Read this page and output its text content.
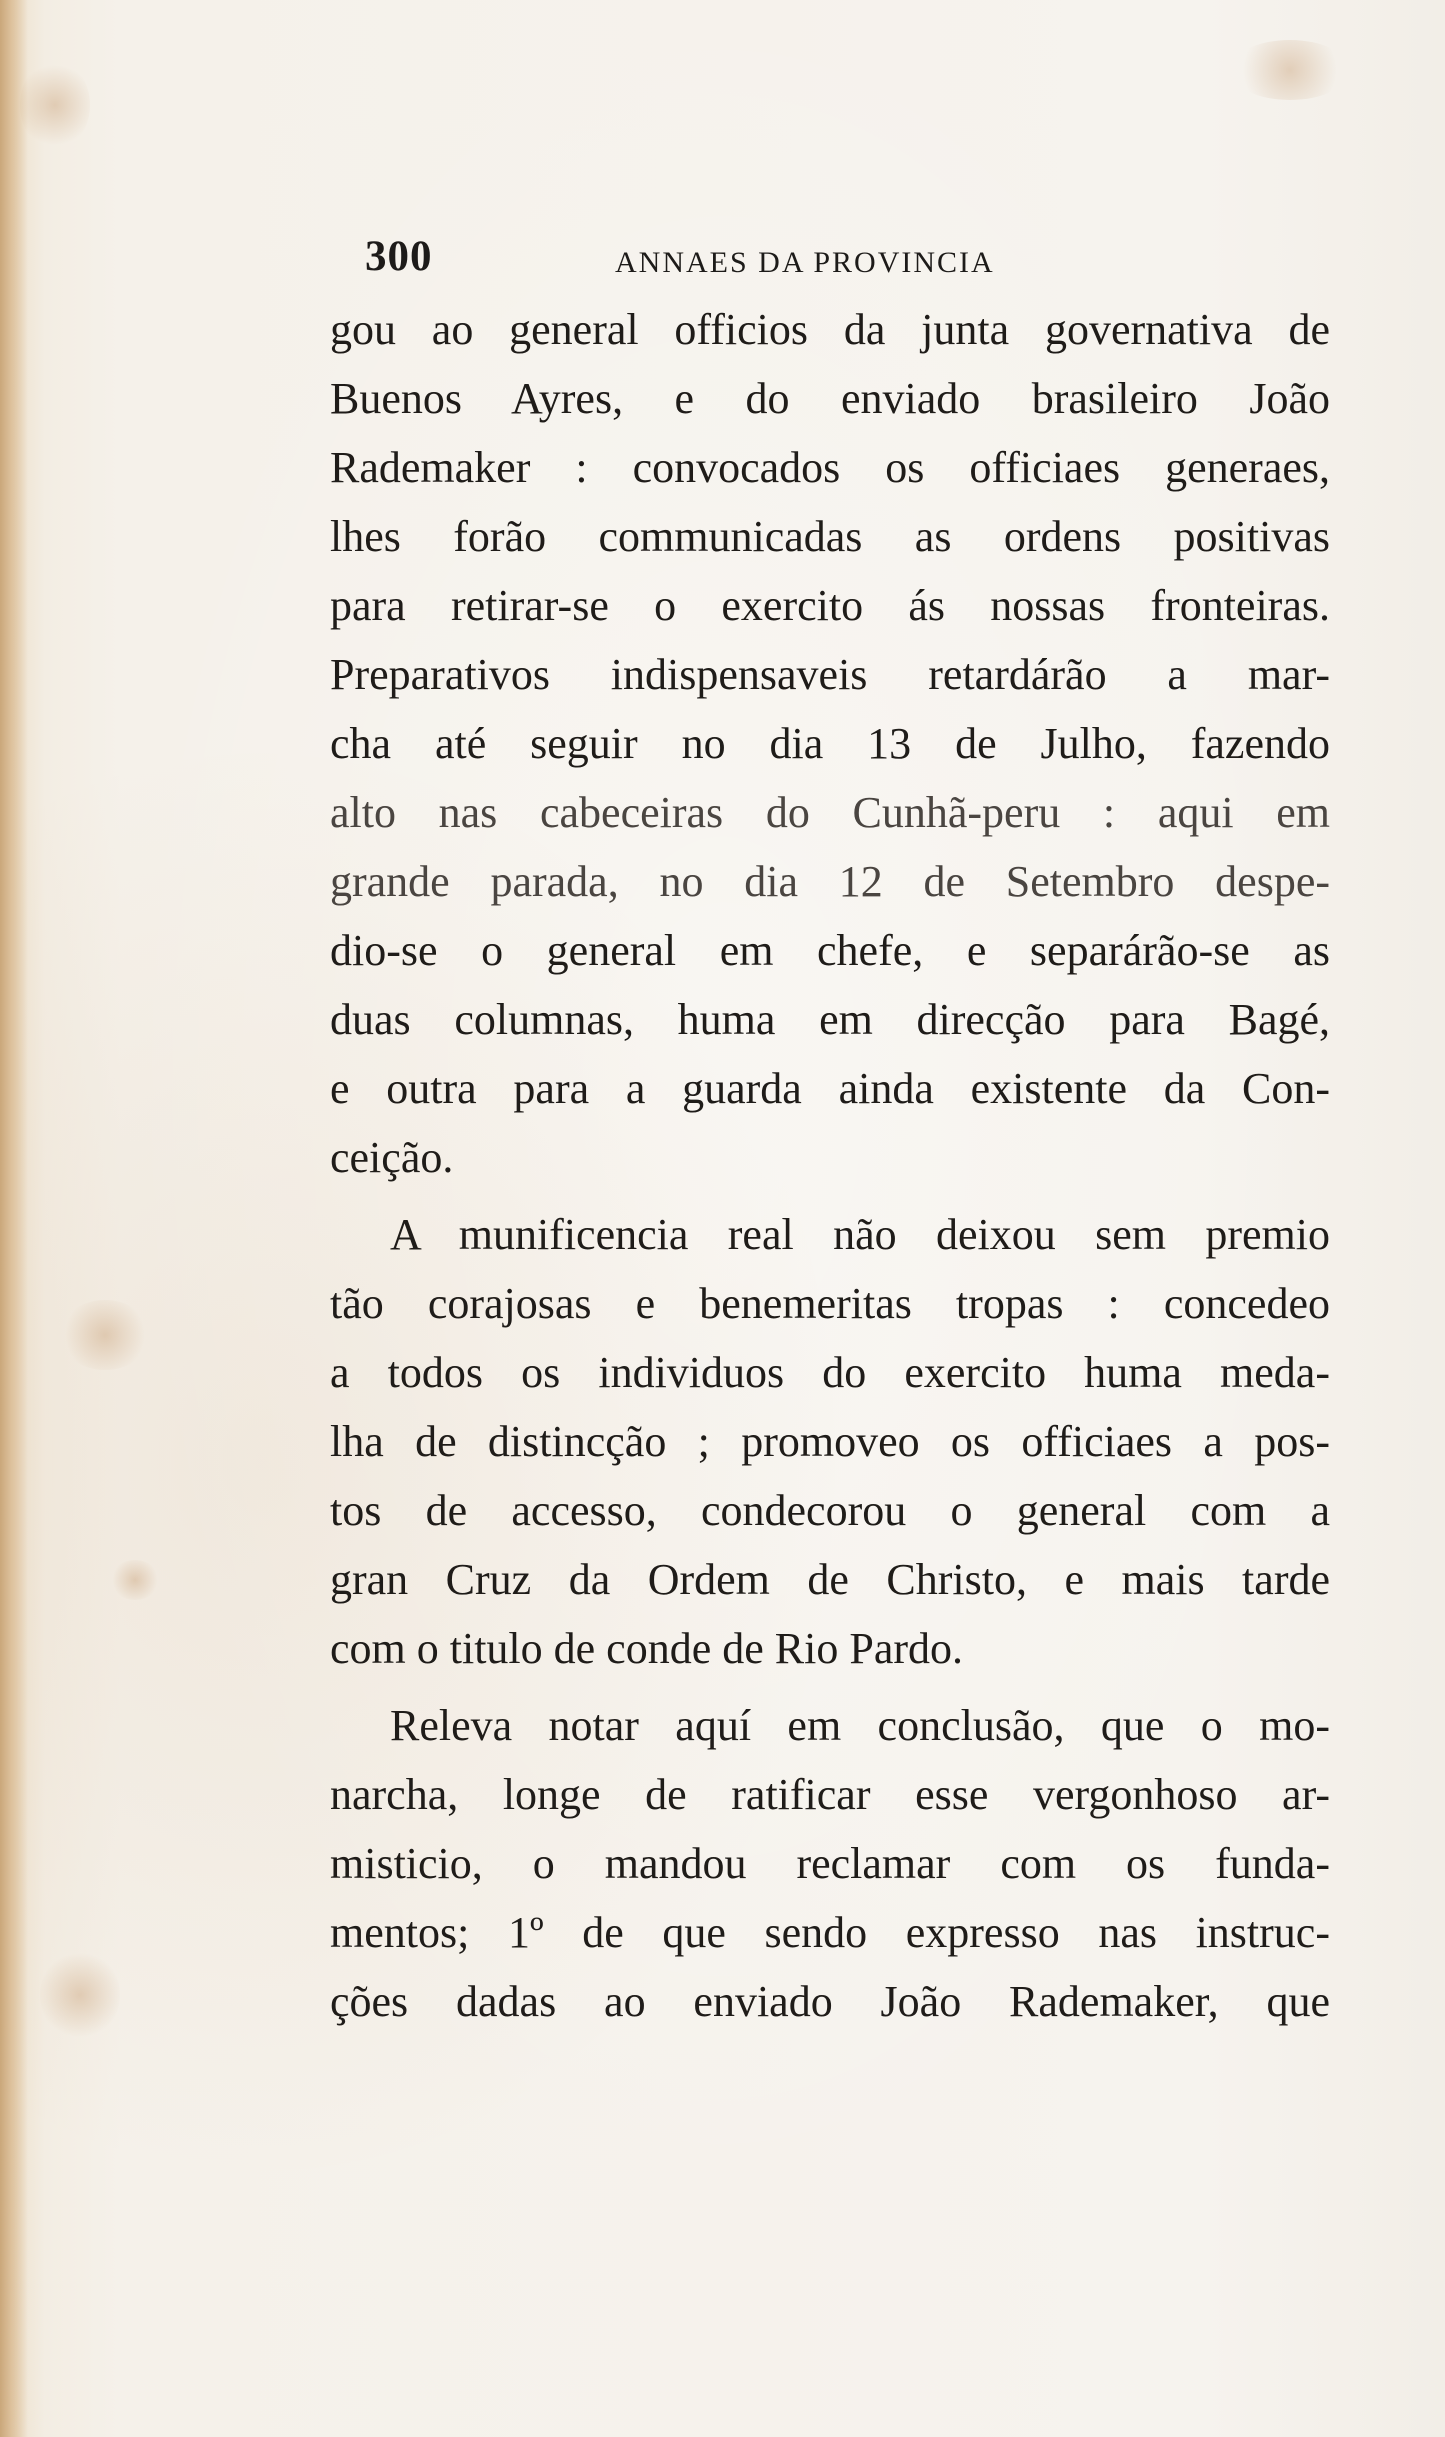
300	ANNAES DA PROVINCIA
gou ao general officios da junta governativa de
Buenos Ayres, e do enviado brasileiro João
Rademaker : convocados os officiaes generaes,
lhes forão communicadas as ordens positivas
para retirar-se o exercito ás nossas fronteiras.
Preparativos indispensaveis retardárão a mar-
cha até seguir no dia 13 de Julho, fazendo
alto nas cabeceiras do Cunhã-peru : aqui em
grande parada, no dia 12 de Setembro despe-
dio-se o general em chefe, e separárão-se as
duas columnas, huma em direcção para Bagé,
e outra para a guarda ainda existente da Con-
ceição.
A munificencia real não deixou sem premio
tão corajosas e benemeritas tropas : concedeo
a todos os individuos do exercito huma meda-
lha de distincção ; promoveo os officiaes a pos-
tos de accesso, condecorou o general com a
gran Cruz da Ordem de Christo, e mais tarde
com o titulo de conde de Rio Pardo.
Releva notar aquí em conclusão, que o mo-
narcha, longe de ratificar esse vergonhoso ar-
misticio, o mandou reclamar com os funda-
mentos; 1º de que sendo expresso nas instruc-
ções dadas ao enviado João Rademaker, que
